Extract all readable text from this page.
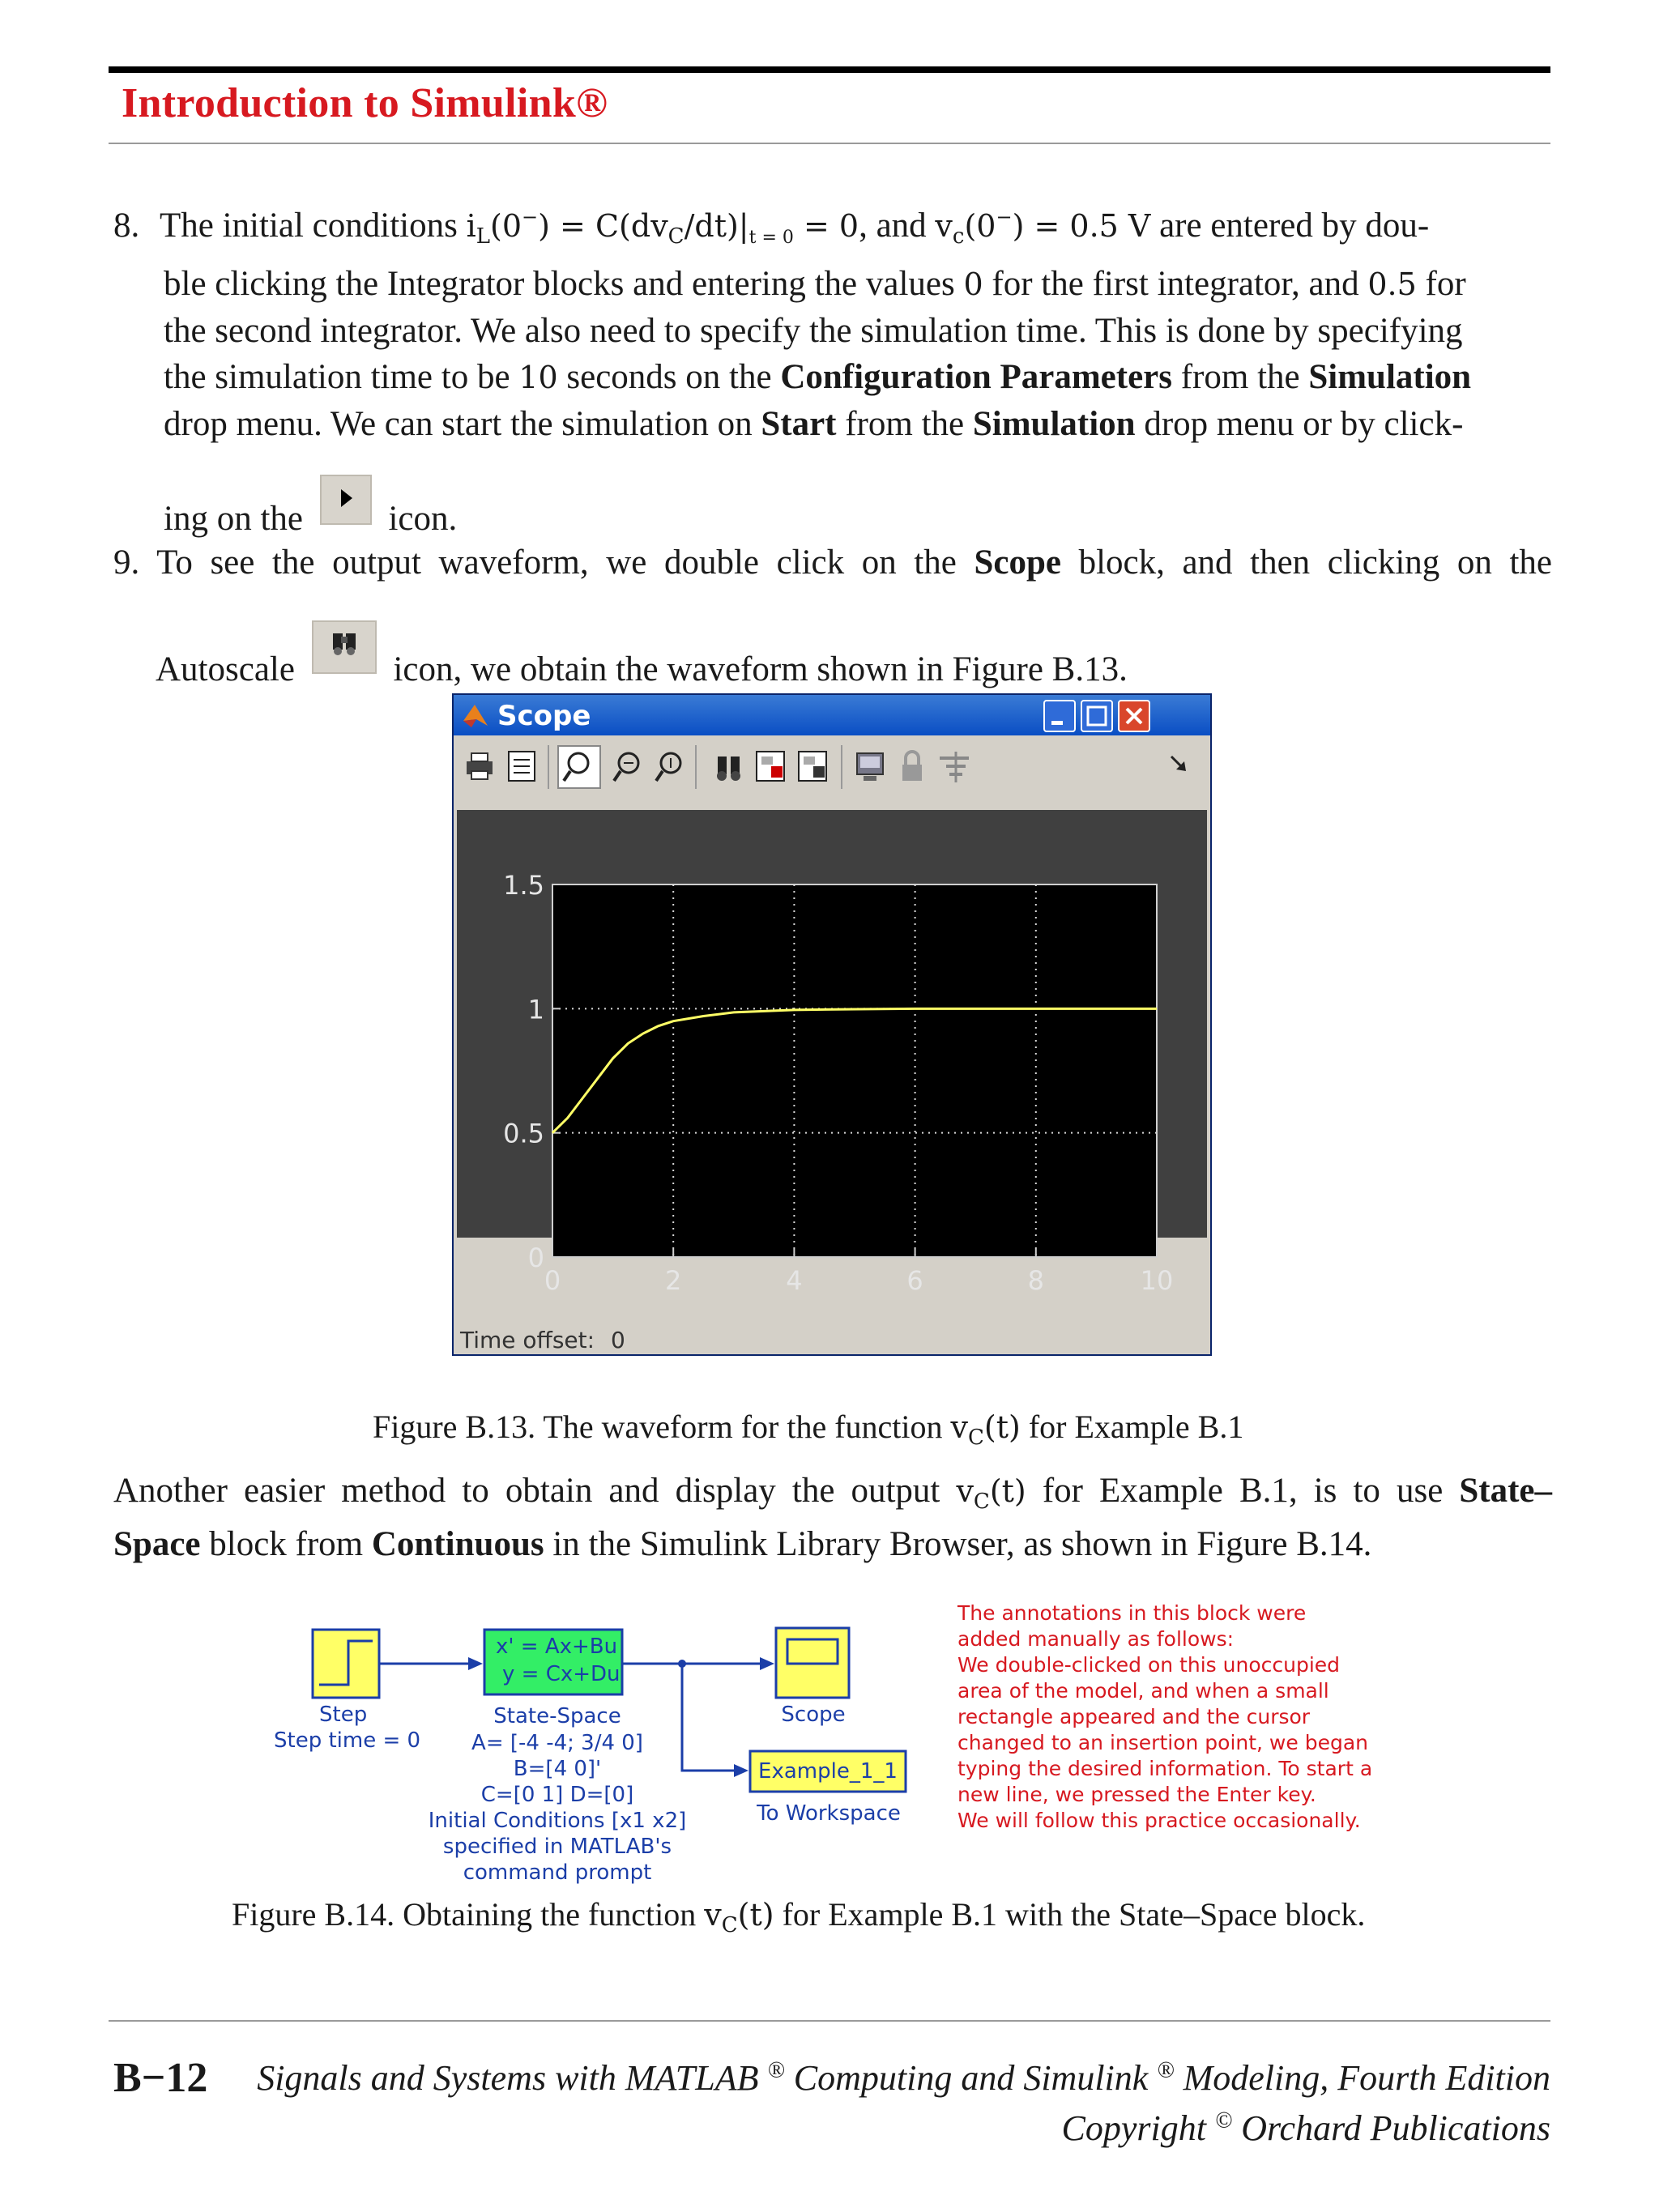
Introduction to Simulink®
8. The initial conditions $i_L(0^-) = C(dv_C/dt)|_{t = 0} = 0$, and $v_c(0^-) = 0.5$ V are entered by dou-
ble clicking the Integrator blocks and entering the values 0 for the first integrator, and 0.5 for
the second integrator. We also need to specify the simulation time. This is done by specifying
the simulation time to be 10 seconds on the Configuration Parameters from the Simulation
drop menu. We can start the simulation on Start from the Simulation drop menu or by click-
ing on the icon.
9. To see the output waveform, we double click on the Scope block, and then clicking on the
Autoscale	icon, we obtain the waveform shown in Figure B.13.
Scope
0	2	4	6	8	10
0
0.5
1
1.5
Time offset: 0
Figure B.13. The waveform for the function $v_C(t)$ for Example B.1
Another easier method to obtain and display the output $v_C(t)$ for Example B.1, is to use State–
Space block from Continuous in the Simulink Library Browser, as shown in Figure B.14.
Step
Step time = 0
x' = Ax+Bu
y = Cx+Du
State-Space
A= [-4 -4; 3/4 0]
B=[4 0]'
C=[0 1] D=[0]
Initial Conditions [x1 x2]
specified in MATLAB's
command prompt
Scope
Example_1_1
To Workspace
The annotations in this block were
added manually as follows:
We double-clicked on this unoccupied
area of the model, and when a small
rectangle appeared and the cursor
changed to an insertion point, we began
typing the desired information. To start a
new line, we pressed the Enter key.
We will follow this practice occasionally.
Figure B.14. Obtaining the function $v_C(t)$ for Example B.1 with the State–Space block.
B−12 Signals and Systems with MATLAB ® Computing and Simulink ® Modeling, Fourth Edition
Copyright © Orchard Publications
